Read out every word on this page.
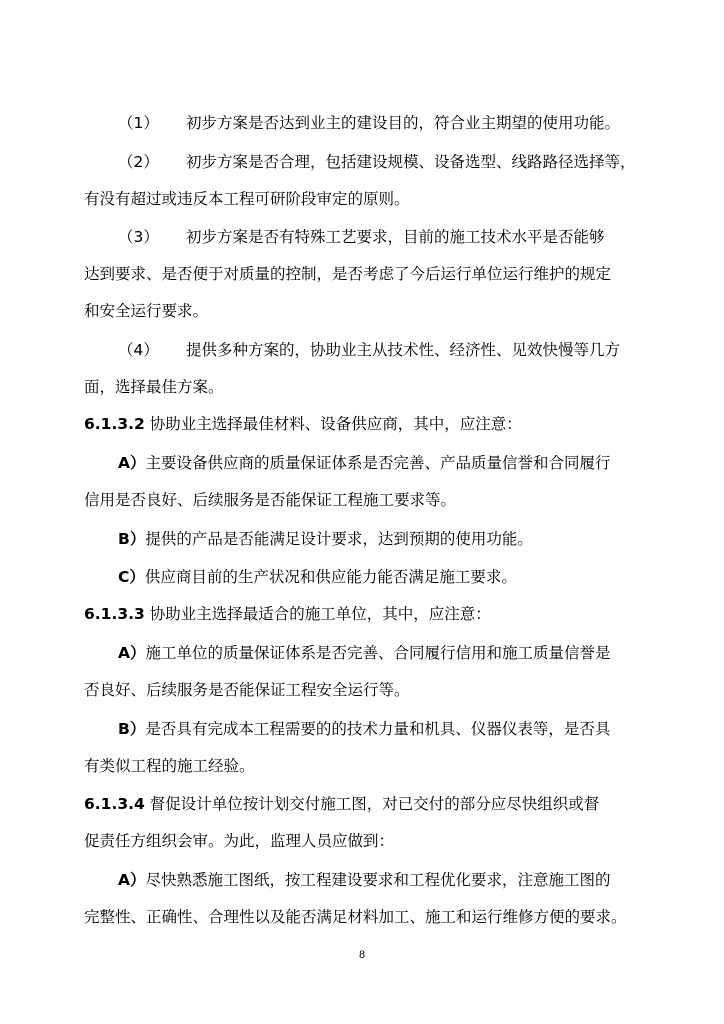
（1） 初步方案是否达到业主的建设目的，符合业主期望的使用功能。
（2） 初步方案是否合理，包括建设规模、设备选型、线路路径选择等，
有没有超过或违反本工程可研阶段审定的原则。
（3） 初步方案是否有特殊工艺要求，目前的施工技术水平是否能够
达到要求、是否便于对质量的控制，是否考虑了今后运行单位运行维护的规定
和安全运行要求。
（4） 提供多种方案的，协助业主从技术性、经济性、见效快慢等几方
面，选择最佳方案。
6.1.3.2 协助业主选择最佳材料、设备供应商，其中，应注意：
A）主要设备供应商的质量保证体系是否完善、产品质量信誉和合同履行
信用是否良好、后续服务是否能保证工程施工要求等。
B）提供的产品是否能满足设计要求，达到预期的使用功能。
C）供应商目前的生产状况和供应能力能否满足施工要求。
6.1.3.3 协助业主选择最适合的施工单位，其中，应注意：
A）施工单位的质量保证体系是否完善、合同履行信用和施工质量信誉是
否良好、后续服务是否能保证工程安全运行等。
B）是否具有完成本工程需要的的技术力量和机具、仪器仪表等，是否具
有类似工程的施工经验。
6.1.3.4 督促设计单位按计划交付施工图，对已交付的部分应尽快组织或督
促责任方组织会审。为此，监理人员应做到：
A）尽快熟悉施工图纸，按工程建设要求和工程优化要求，注意施工图的
完整性、正确性、合理性以及能否满足材料加工、施工和运行维修方便的要求。
8
